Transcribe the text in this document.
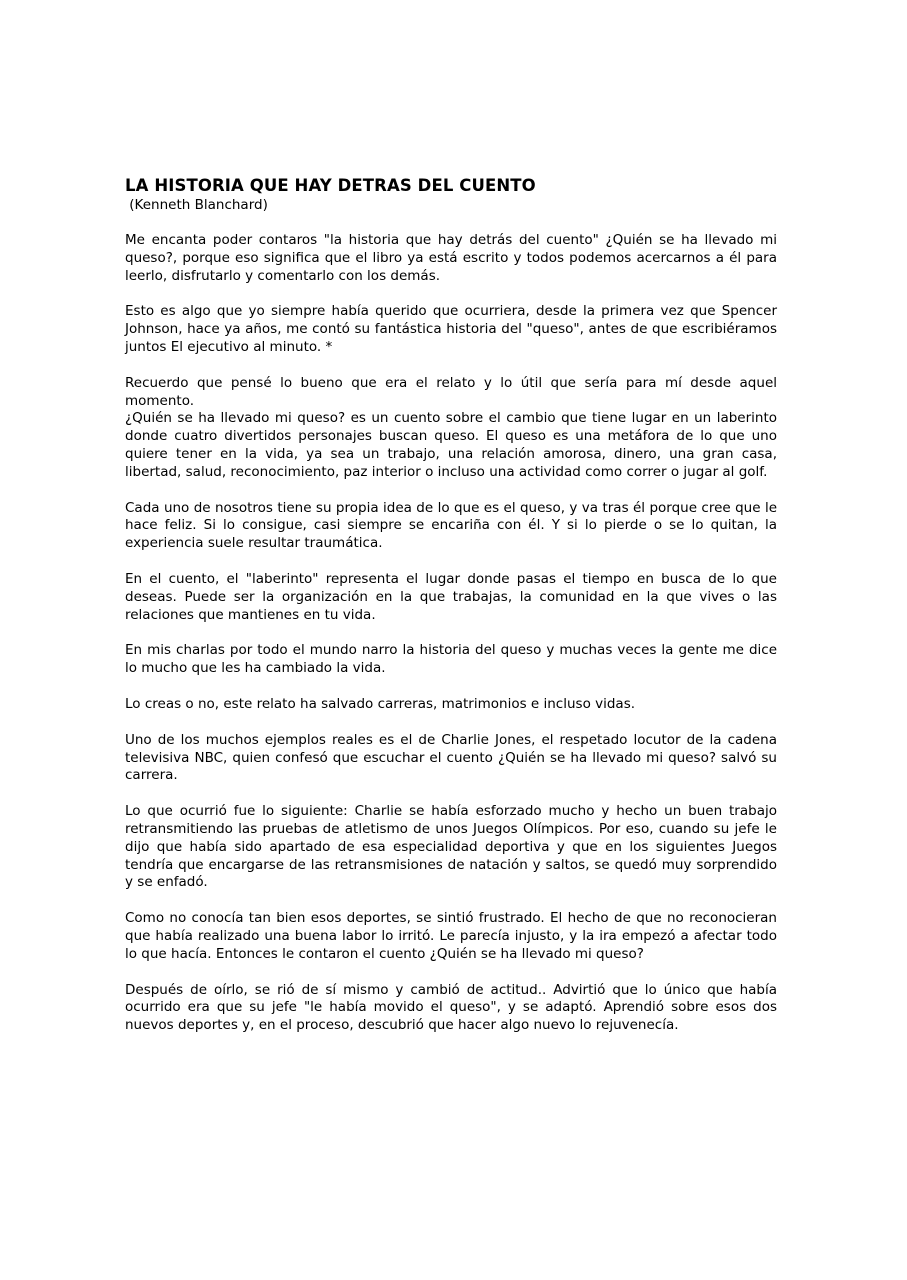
LA HISTORIA QUE HAY DETRAS DEL CUENTO

(Kenneth Blanchard)

Me encanta poder contaros "la historia que hay detrás del cuento" ¿Quién se ha llevado mi queso?, porque eso significa que el libro ya está escrito y todos podemos acercarnos a él para leerlo, disfrutarlo y comentarlo con los demás.

Esto es algo que yo siempre había querido que ocurriera, desde la primera vez que Spencer Johnson, hace ya años, me contó su fantástica historia del "queso", antes de que escribiéramos juntos El ejecutivo al minuto. *

Recuerdo que pensé lo bueno que era el relato y lo útil que sería para mí desde aquel momento.

¿Quién se ha llevado mi queso? es un cuento sobre el cambio que tiene lugar en un laberinto donde cuatro divertidos personajes buscan queso. El queso es una metáfora de lo que uno quiere tener en la vida, ya sea un trabajo, una relación amorosa, dinero, una gran casa, libertad, salud, reconocimiento, paz interior o incluso una actividad como correr o jugar al golf.

Cada uno de nosotros tiene su propia idea de lo que es el queso, y va tras él porque cree que le hace feliz. Si lo consigue, casi siempre se encariña con él. Y si lo pierde o se lo quitan, la experiencia suele resultar traumática.

En el cuento, el "laberinto" representa el lugar donde pasas el tiempo en busca de lo que deseas. Puede ser la organización en la que trabajas, la comunidad en la que vives o las relaciones que mantienes en tu vida.

En mis charlas por todo el mundo narro la historia del queso y muchas veces la gente me dice lo mucho que les ha cambiado la vida.

Lo creas o no, este relato ha salvado carreras, matrimonios e incluso vidas.

Uno de los muchos ejemplos reales es el de Charlie Jones, el respetado locutor de la cadena televisiva NBC, quien confesó que escuchar el cuento ¿Quién se ha llevado mi queso? salvó su carrera.

Lo que ocurrió fue lo siguiente: Charlie se había esforzado mucho y hecho un buen trabajo retransmitiendo las pruebas de atletismo de unos Juegos Olímpicos. Por eso, cuando su jefe le dijo que había sido apartado de esa especialidad deportiva y que en los siguientes Juegos tendría que encargarse de las retransmisiones de natación y saltos, se quedó muy sorprendido y se enfadó.

Como no conocía tan bien esos deportes, se sintió frustrado. El hecho de que no reconocieran que había realizado una buena labor lo irritó. Le parecía injusto, y la ira empezó a afectar todo lo que hacía. Entonces le contaron el cuento ¿Quién se ha llevado mi queso?

Después de oírlo, se rió de sí mismo y cambió de actitud.. Advirtió que lo único que había ocurrido era que su jefe "le había movido el queso", y se adaptó. Aprendió sobre esos dos nuevos deportes y, en el proceso, descubrió que hacer algo nuevo lo rejuvenecía.
